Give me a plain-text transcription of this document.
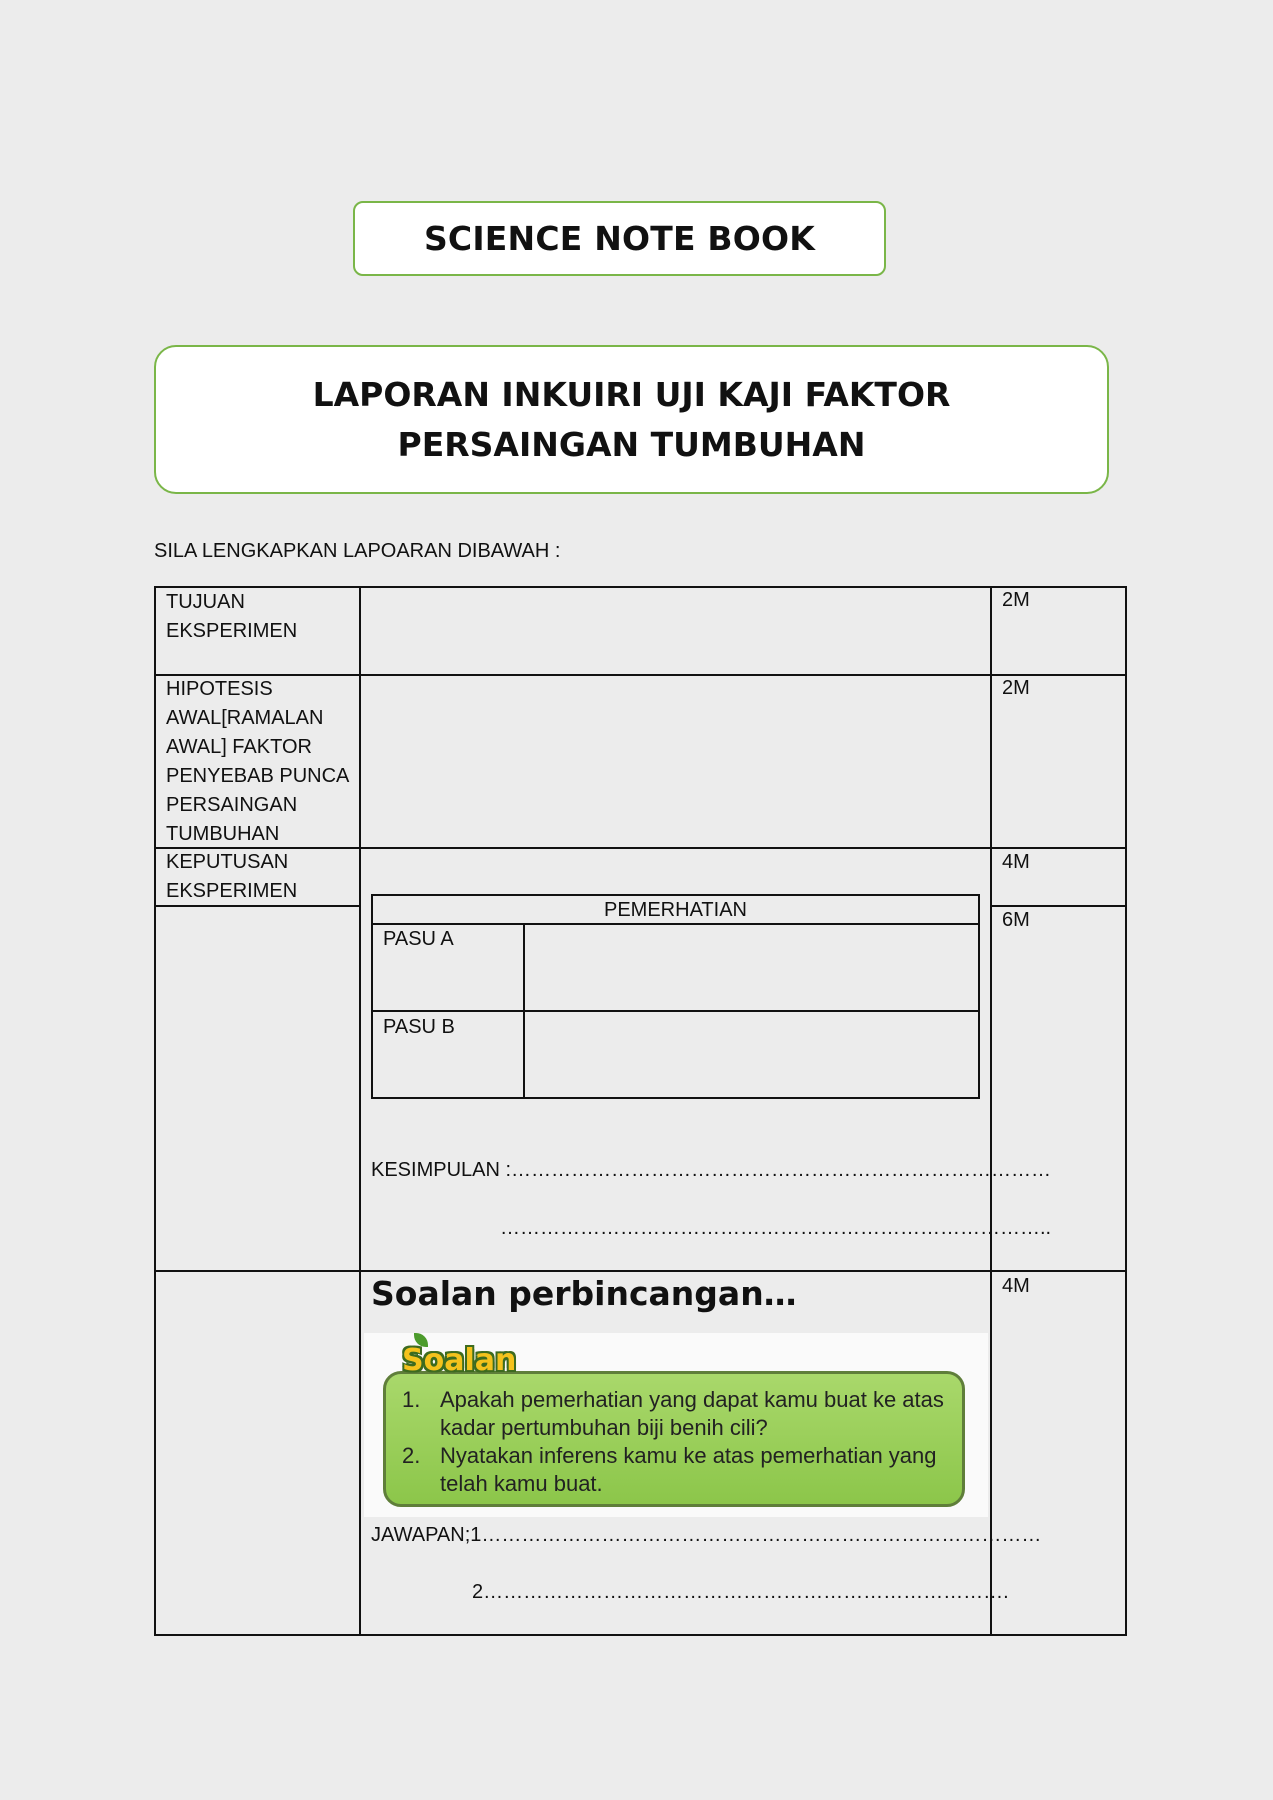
SCIENCE NOTE BOOK
LAPORAN INKUIRI UJI KAJI FAKTOR PERSAINGAN TUMBUHAN
SILA LENGKAPKAN LAPOARAN DIBAWAH :
TUJUAN
EKSPERIMEN
2M
HIPOTESIS
AWAL[RAMALAN
AWAL] FAKTOR
PENYEBAB PUNCA
PERSAINGAN
TUMBUHAN
2M
KEPUTUSAN
EKSPERIMEN
4M
6M
PEMERHATIAN
PASU A
PASU B
KESIMPULAN :………………………………………………………………………
………………………………………………………………………..
4M
Soalan perbincangan…
1. Apakah pemerhatian yang dapat kamu buat ke atas kadar pertumbuhan biji benih cili?
2. Nyatakan inferens kamu ke atas pemerhatian yang telah kamu buat.
Soalan
JAWAPAN;1…………………………………………………………………………
2…………………………………………………………………….
